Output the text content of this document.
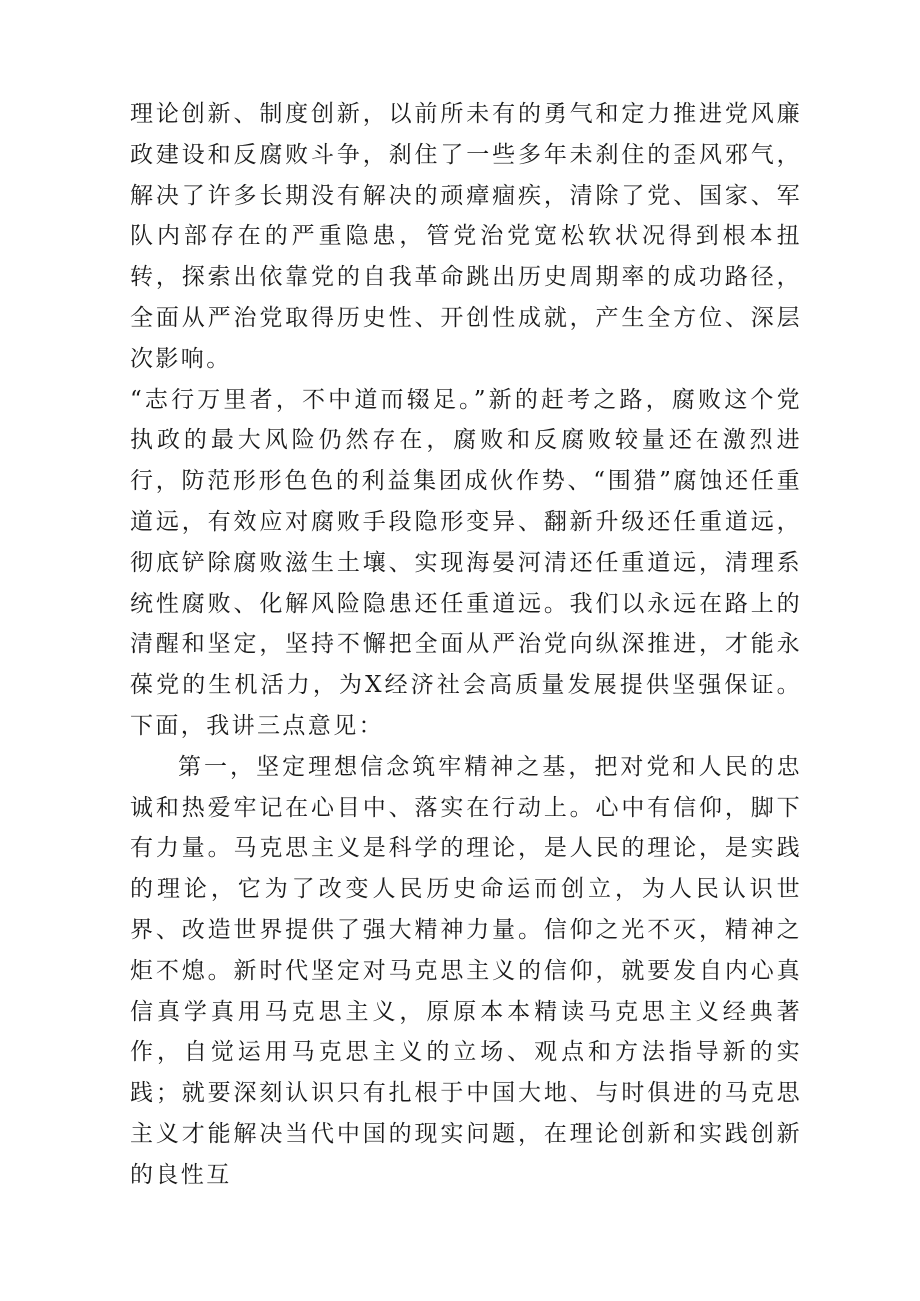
理论创新、制度创新，以前所未有的勇气和定力推进党风廉政建设和反腐败斗争，刹住了一些多年未刹住的歪风邪气，解决了许多长期没有解决的顽瘴痼疾，清除了党、国家、军队内部存在的严重隐患，管党治党宽松软状况得到根本扭转，探索出依靠党的自我革命跳出历史周期率的成功路径，全面从严治党取得历史性、开创性成就，产生全方位、深层次影响。

“志行万里者，不中道而辍足。”新的赶考之路，腐败这个党执政的最大风险仍然存在，腐败和反腐败较量还在激烈进行，防范形形色色的利益集团成伙作势、“围猎”腐蚀还任重道远，有效应对腐败手段隐形变异、翻新升级还任重道远，彻底铲除腐败滋生土壤、实现海晏河清还任重道远，清理系统性腐败、化解风险隐患还任重道远。我们以永远在路上的清醒和坚定，坚持不懈把全面从严治党向纵深推进，才能永葆党的生机活力，为X经济社会高质量发展提供坚强保证。下面，我讲三点意见：

第一，坚定理想信念筑牢精神之基，把对党和人民的忠诚和热爱牢记在心目中、落实在行动上。心中有信仰，脚下有力量。马克思主义是科学的理论，是人民的理论，是实践的理论，它为了改变人民历史命运而创立，为人民认识世界、改造世界提供了强大精神力量。信仰之光不灭，精神之炬不熄。新时代坚定对马克思主义的信仰，就要发自内心真信真学真用马克思主义，原原本本精读马克思主义经典著作，自觉运用马克思主义的立场、观点和方法指导新的实践；就要深刻认识只有扎根于中国大地、与时俱进的马克思主义才能解决当代中国的现实问题，在理论创新和实践创新的良性互
